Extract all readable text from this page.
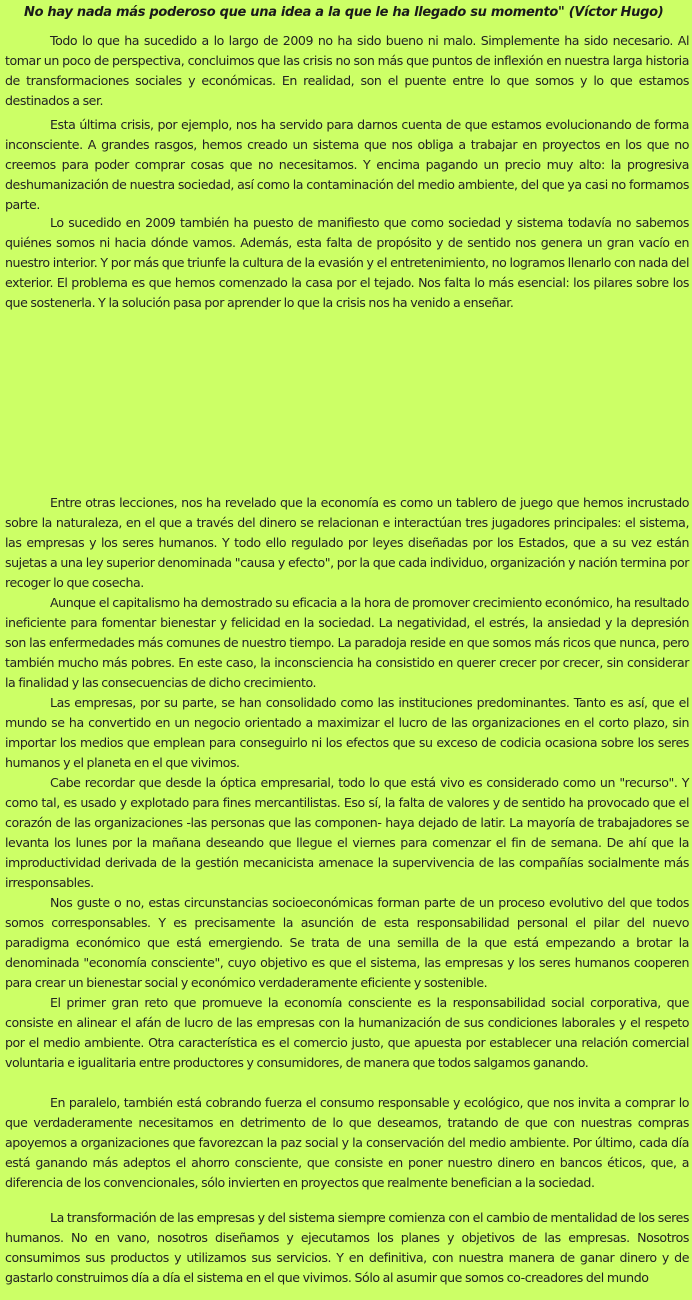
No hay nada más poderoso que una idea a la que le ha llegado su momento" (Víctor Hugo)

Todo lo que ha sucedido a lo largo de 2009 no ha sido bueno ni malo. Simplemente ha sido necesario. Al tomar un poco de perspectiva, concluimos que las crisis no son más que puntos de inflexión en nuestra larga historia de transformaciones sociales y económicas. En realidad, son el puente entre lo que somos y lo que estamos destinados a ser.

Esta última crisis, por ejemplo, nos ha servido para darnos cuenta de que estamos evolucionando de forma inconsciente. A grandes rasgos, hemos creado un sistema que nos obliga a trabajar en proyectos en los que no creemos para poder comprar cosas que no necesitamos. Y encima pagando un precio muy alto: la progresiva deshumanización de nuestra sociedad, así como la contaminación del medio ambiente, del que ya casi no formamos parte.

Lo sucedido en 2009 también ha puesto de manifiesto que como sociedad y sistema todavía no sabemos quiénes somos ni hacia dónde vamos. Además, esta falta de propósito y de sentido nos genera un gran vacío en nuestro interior. Y por más que triunfe la cultura de la evasión y el entretenimiento, no logramos llenarlo con nada del exterior. El problema es que hemos comenzado la casa por el tejado. Nos falta lo más esencial: los pilares sobre los que sostenerla. Y la solución pasa por aprender lo que la crisis nos ha venido a enseñar.

Entre otras lecciones, nos ha revelado que la economía es como un tablero de juego que hemos incrustado sobre la naturaleza, en el que a través del dinero se relacionan e interactúan tres jugadores principales: el sistema, las empresas y los seres humanos. Y todo ello regulado por leyes diseñadas por los Estados, que a su vez están sujetas a una ley superior denominada "causa y efecto", por la que cada individuo, organización y nación termina por recoger lo que cosecha.

Aunque el capitalismo ha demostrado su eficacia a la hora de promover crecimiento económico, ha resultado ineficiente para fomentar bienestar y felicidad en la sociedad. La negatividad, el estrés, la ansiedad y la depresión son las enfermedades más comunes de nuestro tiempo. La paradoja reside en que somos más ricos que nunca, pero también mucho más pobres. En este caso, la inconsciencia ha consistido en querer crecer por crecer, sin considerar la finalidad y las consecuencias de dicho crecimiento.

Las empresas, por su parte, se han consolidado como las instituciones predominantes. Tanto es así, que el mundo se ha convertido en un negocio orientado a maximizar el lucro de las organizaciones en el corto plazo, sin importar los medios que emplean para conseguirlo ni los efectos que su exceso de codicia ocasiona sobre los seres humanos y el planeta en el que vivimos.

Cabe recordar que desde la óptica empresarial, todo lo que está vivo es considerado como un "recurso". Y como tal, es usado y explotado para fines mercantilistas. Eso sí, la falta de valores y de sentido ha provocado que el corazón de las organizaciones -las personas que las componen- haya dejado de latir. La mayoría de trabajadores se levanta los lunes por la mañana deseando que llegue el viernes para comenzar el fin de semana. De ahí que la improductividad derivada de la gestión mecanicista amenace la supervivencia de las compañías socialmente más irresponsables.

Nos guste o no, estas circunstancias socioeconómicas forman parte de un proceso evolutivo del que todos somos corresponsables. Y es precisamente la asunción de esta responsabilidad personal el pilar del nuevo paradigma económico que está emergiendo. Se trata de una semilla de la que está empezando a brotar la denominada "economía consciente", cuyo objetivo es que el sistema, las empresas y los seres humanos cooperen para crear un bienestar social y económico verdaderamente eficiente y sostenible.

El primer gran reto que promueve la economía consciente es la responsabilidad social corporativa, que consiste en alinear el afán de lucro de las empresas con la humanización de sus condiciones laborales y el respeto por el medio ambiente. Otra característica es el comercio justo, que apuesta por establecer una relación comercial voluntaria e igualitaria entre productores y consumidores, de manera que todos salgamos ganando.

En paralelo, también está cobrando fuerza el consumo responsable y ecológico, que nos invita a comprar lo que verdaderamente necesitamos en detrimento de lo que deseamos, tratando de que con nuestras compras apoyemos a organizaciones que favorezcan la paz social y la conservación del medio ambiente. Por último, cada día está ganando más adeptos el ahorro consciente, que consiste en poner nuestro dinero en bancos éticos, que, a diferencia de los convencionales, sólo invierten en proyectos que realmente benefician a la sociedad.

La transformación de las empresas y del sistema siempre comienza con el cambio de mentalidad de los seres humanos. No en vano, nosotros diseñamos y ejecutamos los planes y objetivos de las empresas. Nosotros consumimos sus productos y utilizamos sus servicios. Y en definitiva, con nuestra manera de ganar dinero y de gastarlo construimos día a día el sistema en el que vivimos. Sólo al asumir que somos co-creadores del mundo
